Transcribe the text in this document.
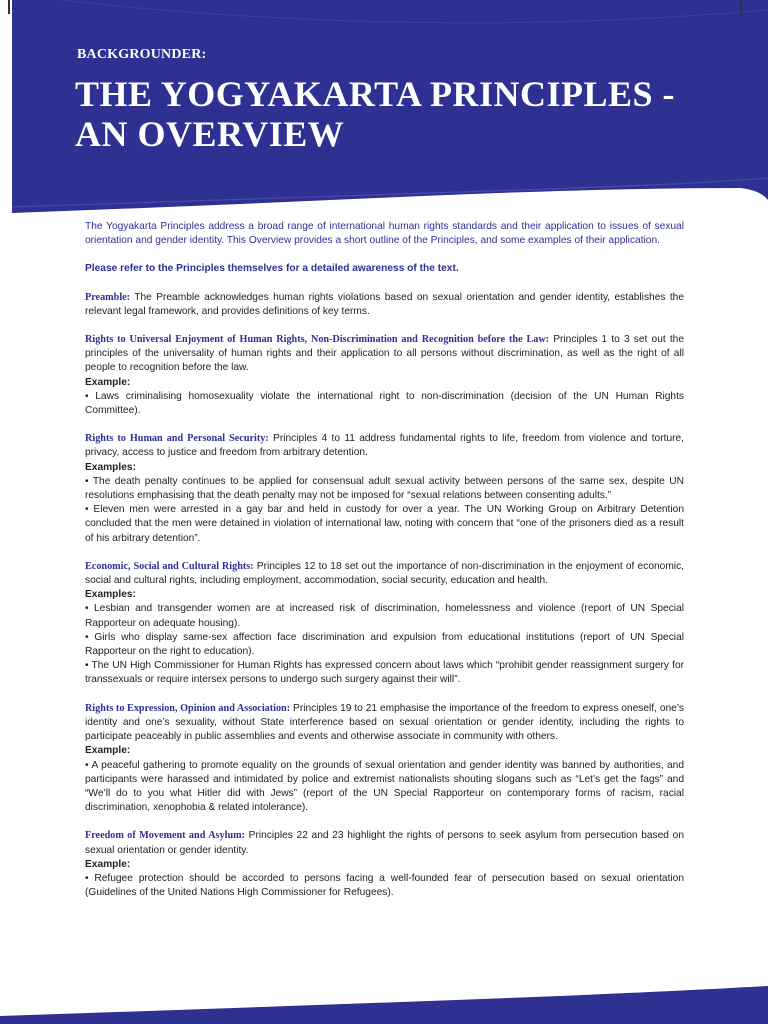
BACKGROUNDER:
THE YOGYAKARTA PRINCIPLES -
AN OVERVIEW

The Yogyakarta Principles address a broad range of international human rights standards and their application to issues of sexual orientation and gender identity. This Overview provides a short outline of the Principles, and some examples of their application.

Please refer to the Principles themselves for a detailed awareness of the text.

Preamble: The Preamble acknowledges human rights violations based on sexual orientation and gender identity, establishes the relevant legal framework, and provides definitions of key terms.

Rights to Universal Enjoyment of Human Rights, Non-Discrimination and Recognition before the Law: Principles 1 to 3 set out the principles of the universality of human rights and their application to all persons without discrimination, as well as the right of all people to recognition before the law.

Example:

• Laws criminalising homosexuality violate the international right to non-discrimination (decision of the UN Human Rights Committee).

Rights to Human and Personal Security: Principles 4 to 11 address fundamental rights to life, freedom from violence and torture, privacy, access to justice and freedom from arbitrary detention.

Examples:

• The death penalty continues to be applied for consensual adult sexual activity between persons of the same sex, despite UN resolutions emphasising that the death penalty may not be imposed for “sexual relations between consenting adults.”

• Eleven men were arrested in a gay bar and held in custody for over a year. The UN Working Group on Arbitrary Detention concluded that the men were detained in violation of international law, noting with concern that “one of the prisoners died as a result of his arbitrary detention”.

Economic, Social and Cultural Rights: Principles 12 to 18 set out the importance of non-discrimination in the enjoyment of economic, social and cultural rights, including employment, accommodation, social security, education and health.

Examples:

• Lesbian and transgender women are at increased risk of discrimination, homelessness and violence (report of UN Special Rapporteur on adequate housing).

• Girls who display same-sex affection face discrimination and expulsion from educational institutions (report of UN Special Rapporteur on the right to education).

• The UN High Commissioner for Human Rights has expressed concern about laws which “prohibit gender reassignment surgery for transsexuals or require intersex persons to undergo such surgery against their will”.

Rights to Expression, Opinion and Association: Principles 19 to 21 emphasise the importance of the freedom to express oneself, one’s identity and one’s sexuality, without State interference based on sexual orientation or gender identity, including the rights to participate peaceably in public assemblies and events and otherwise associate in community with others.

Example:

• A peaceful gathering to promote equality on the grounds of sexual orientation and gender identity was banned by authorities, and participants were harassed and intimidated by police and extremist nationalists shouting slogans such as “Let’s get the fags” and “We’ll do to you what Hitler did with Jews” (report of the UN Special Rapporteur on contemporary forms of racism, racial discrimination, xenophobia & related intolerance).

Freedom of Movement and Asylum: Principles 22 and 23 highlight the rights of persons to seek asylum from persecution based on sexual orientation or gender identity.

Example:

• Refugee protection should be accorded to persons facing a well-founded fear of persecution based on sexual orientation (Guidelines of the United Nations High Commissioner for Refugees).
